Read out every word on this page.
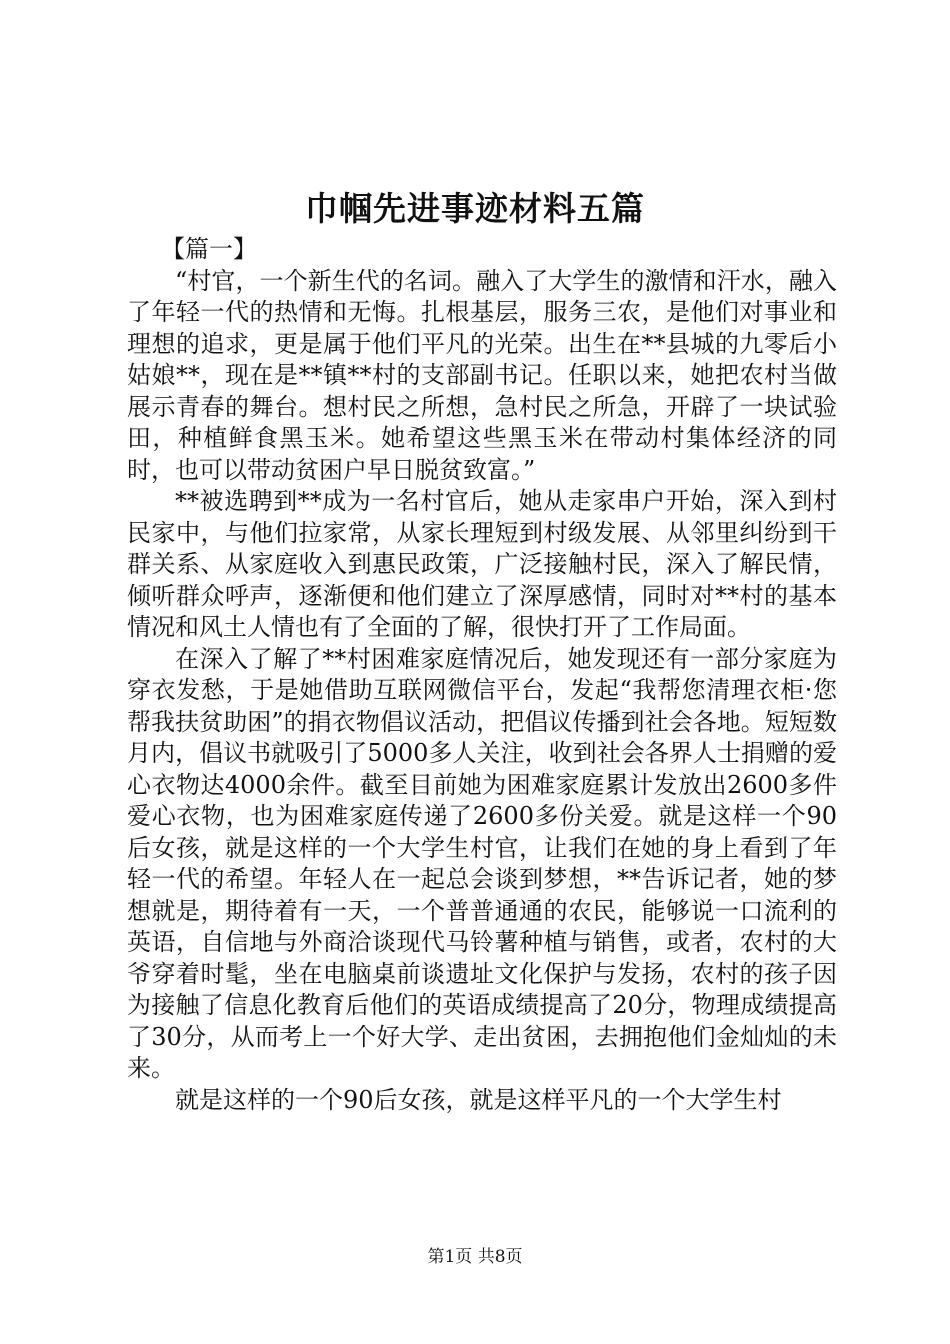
巾帼先进事迹材料五篇
【篇一】

“村官，一个新生代的名词。融入了大学生的激情和汗水，融入了年轻一代的热情和无悔。扎根基层，服务三农，是他们对事业和理想的追求，更是属于他们平凡的光荣。出生在**县城的九零后小姑娘**，现在是**镇**村的支部副书记。任职以来，她把农村当做展示青春的舞台。想村民之所想，急村民之所急，开辟了一块试验田，种植鲜食黑玉米。她希望这些黑玉米在带动村集体经济的同时，也可以带动贫困户早日脱贫致富。”

**被选聘到**成为一名村官后，她从走家串户开始，深入到村民家中，与他们拉家常，从家长理短到村级发展、从邻里纠纷到干群关系、从家庭收入到惠民政策，广泛接触村民，深入了解民情，倾听群众呼声，逐渐便和他们建立了深厚感情，同时对**村的基本情况和风土人情也有了全面的了解，很快打开了工作局面。

在深入了解了**村困难家庭情况后，她发现还有一部分家庭为穿衣发愁，于是她借助互联网微信平台，发起“我帮您清理衣柜·您帮我扶贫助困”的捐衣物倡议活动，把倡议传播到社会各地。短短数月内，倡议书就吸引了5000多人关注，收到社会各界人士捐赠的爱心衣物达4000余件。截至目前她为困难家庭累计发放出2600多件爱心衣物，也为困难家庭传递了2600多份关爱。就是这样一个90后女孩，就是这样的一个大学生村官，让我们在她的身上看到了年轻一代的希望。年轻人在一起总会谈到梦想，**告诉记者，她的梦想就是，期待着有一天，一个普普通通的农民，能够说一口流利的英语，自信地与外商洽谈现代马铃薯种植与销售，或者，农村的大爷穿着时髦，坐在电脑桌前谈遗址文化保护与发扬，农村的孩子因为接触了信息化教育后他们的英语成绩提高了20分，物理成绩提高了30分，从而考上一个好大学、走出贫困，去拥抱他们金灿灿的未来。

就是这样的一个90后女孩，就是这样平凡的一个大学生村

第1页 共8页
